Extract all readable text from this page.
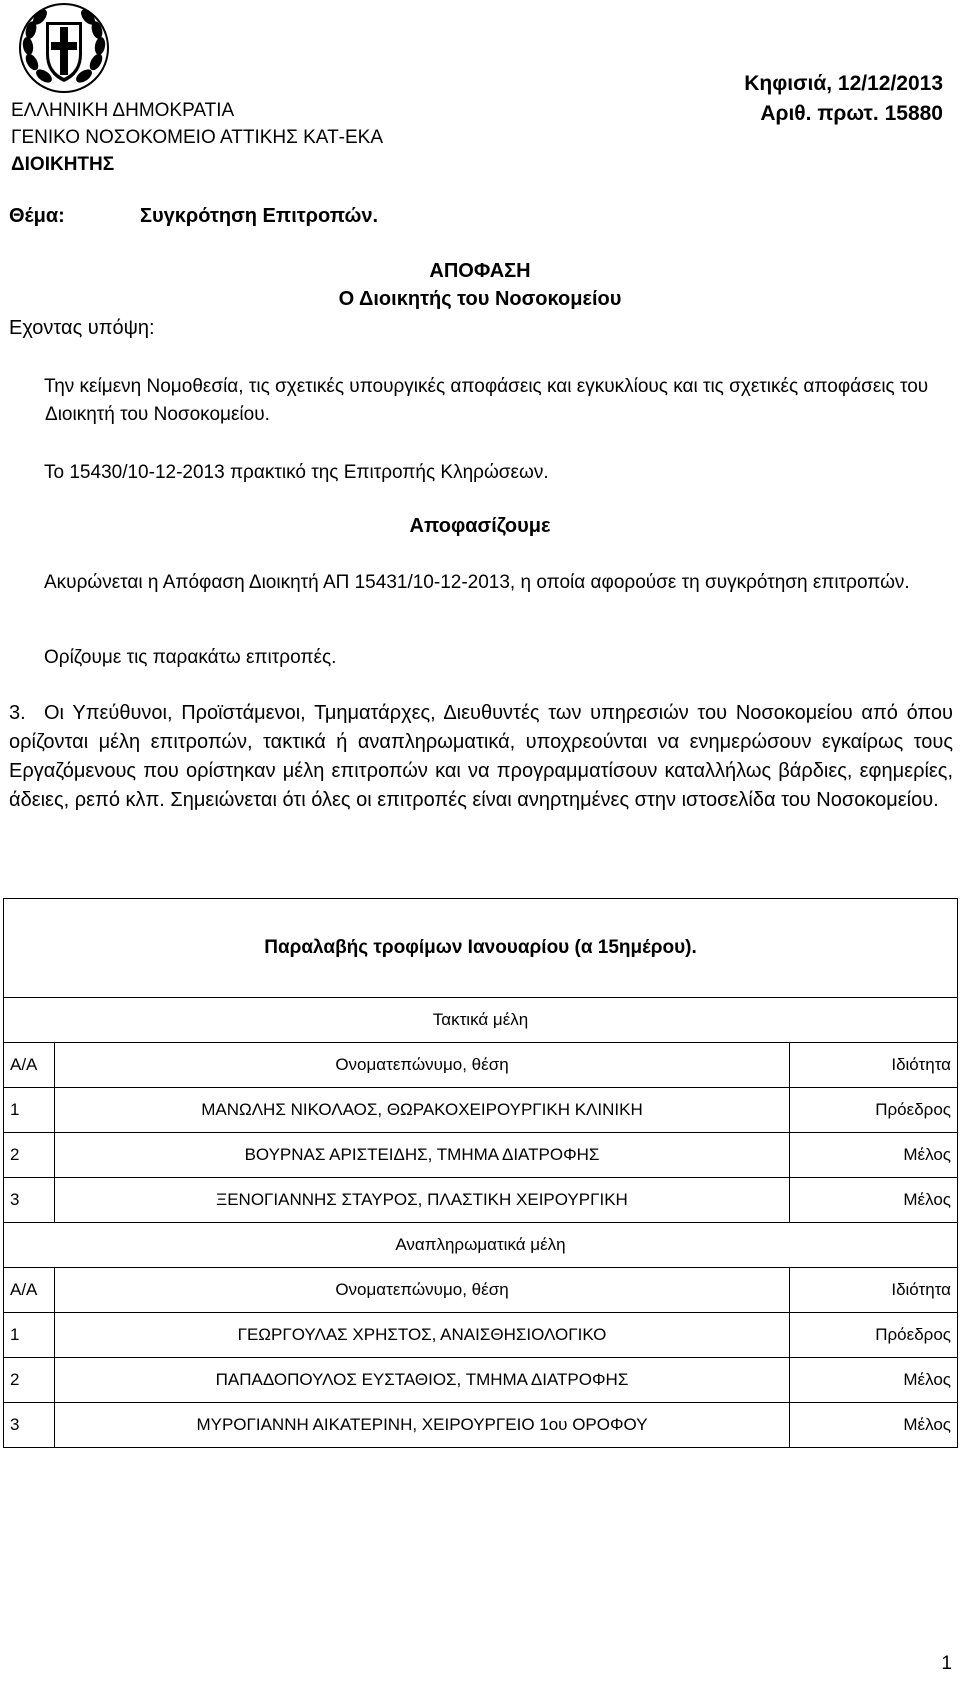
ΕΛΛΗΝΙΚΗ ΔΗΜΟΚΡΑΤΙΑ
ΓΕΝΙΚΟ ΝΟΣΟΚΟΜΕΙΟ ΑΤΤΙΚΗΣ ΚΑΤ-ΕΚΑ
ΔΙΟΙΚΗΤΗΣ
Κηφισιά, 12/12/2013
Αριθ. πρωτ. 15880
Θέμα:	Συγκρότηση Επιτροπών.
ΑΠΟΦΑΣΗ
Ο Διοικητής του Νοσοκομείου
Εχοντας υπόψη:
Την κείμενη Νομοθεσία, τις σχετικές υπουργικές αποφάσεις και εγκυκλίους και τις σχετικές αποφάσεις του Διοικητή του Νοσοκομείου.
Το 15430/10-12-2013 πρακτικό της Επιτροπής Κληρώσεων.
Αποφασίζουμε
Ακυρώνεται η Απόφαση Διοικητή ΑΠ 15431/10-12-2013, η οποία αφορούσε τη συγκρότηση επιτροπών.
Ορίζουμε τις παρακάτω επιτροπές.
3. Οι Υπεύθυνοι, Προϊστάμενοι, Τμηματάρχες, Διευθυντές των υπηρεσιών του Νοσοκομείου από όπου ορίζονται μέλη επιτροπών, τακτικά ή αναπληρωματικά, υποχρεούνται να ενημερώσουν εγκαίρως τους Εργαζόμενους που ορίστηκαν μέλη επιτροπών και να προγραμματίσουν καταλλήλως βάρδιες, εφημερίες, άδειες, ρεπό κλπ. Σημειώνεται ότι όλες οι επιτροπές είναι ανηρτημένες στην ιστοσελίδα του Νοσοκομείου.
Παραλαβής τροφίμων Ιανουαρίου (α 15ημέρου).		
Τακτικά μέλη		
Α/Α	Ονοματεπώνυμο, θέση	Ιδιότητα
1	ΜΑΝΩΛΗΣ ΝΙΚΟΛΑΟΣ, ΘΩΡΑΚΟΧΕΙΡΟΥΡΓΙΚΗ ΚΛΙΝΙΚΗ	Πρόεδρος
2	ΒΟΥΡΝΑΣ ΑΡΙΣΤΕΙΔΗΣ, ΤΜΗΜΑ ΔΙΑΤΡΟΦΗΣ	Μέλος
3	ΞΕΝΟΓΙΑΝΝΗΣ ΣΤΑΥΡΟΣ, ΠΛΑΣΤΙΚΗ ΧΕΙΡΟΥΡΓΙΚΗ	Μέλος
Αναπληρωματικά μέλη		
Α/Α	Ονοματεπώνυμο, θέση	Ιδιότητα
1	ΓΕΩΡΓΟΥΛΑΣ ΧΡΗΣΤΟΣ, ΑΝΑΙΣΘΗΣΙΟΛΟΓΙΚΟ	Πρόεδρος
2	ΠΑΠΑΔΟΠΟΥΛΟΣ ΕΥΣΤΑΘΙΟΣ, ΤΜΗΜΑ ΔΙΑΤΡΟΦΗΣ	Μέλος
3	ΜΥΡΟΓΙΑΝΝΗ ΑΙΚΑΤΕΡΙΝΗ, ΧΕΙΡΟΥΡΓΕΙΟ 1ου ΟΡΟΦΟΥ	Μέλος
1
